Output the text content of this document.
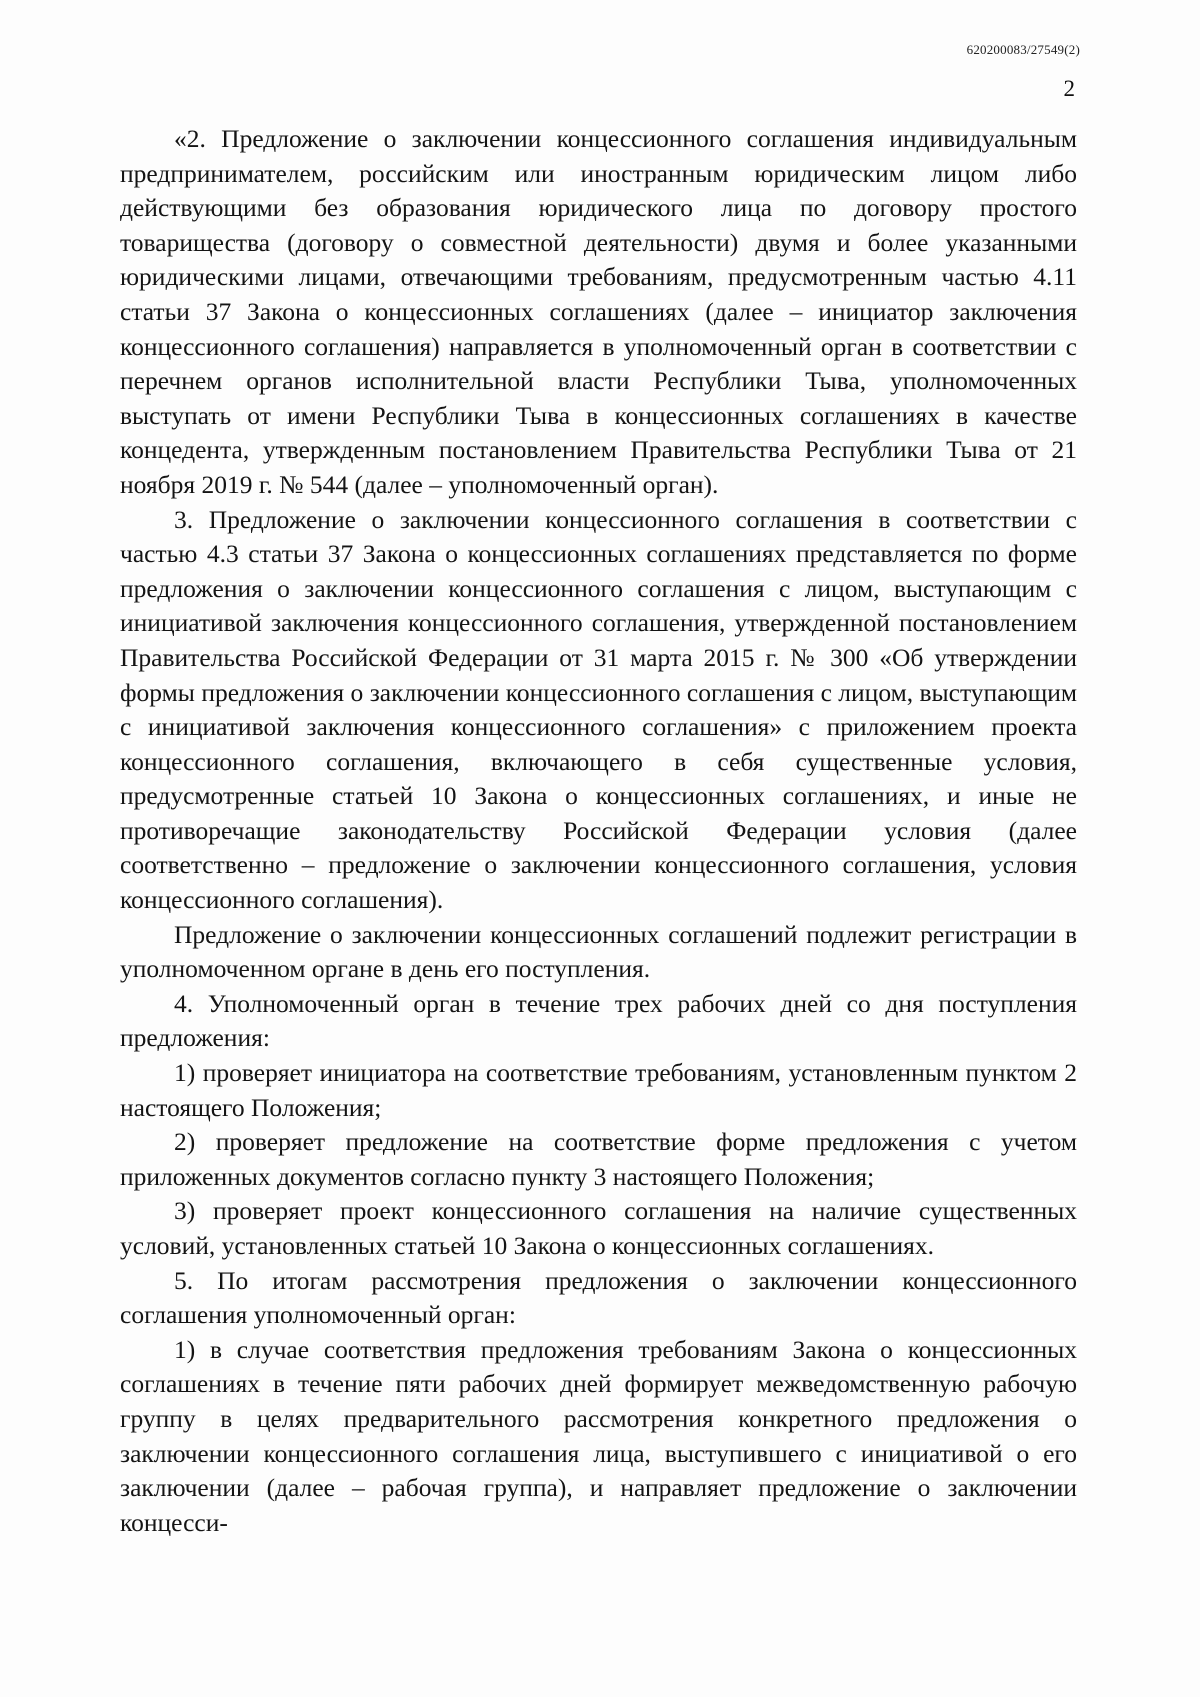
620200083/27549(2)
2

«2. Предложение о заключении концессионного соглашения индивидуальным предпринимателем, российским или иностранным юридическим лицом либо действующими без образования юридического лица по договору простого товарищества (договору о совместной деятельности) двумя и более указанными юридическими лицами, отвечающими требованиям, предусмотренным частью 4.11 статьи 37 Закона о концессионных соглашениях (далее – инициатор заключения концессионного соглашения) направляется в уполномоченный орган в соответствии с перечнем органов исполнительной власти Республики Тыва, уполномоченных выступать от имени Республики Тыва в концессионных соглашениях в качестве концедента, утвержденным постановлением Правительства Республики Тыва от 21 ноября 2019 г. № 544 (далее – уполномоченный орган).

3. Предложение о заключении концессионного соглашения в соответствии с частью 4.3 статьи 37 Закона о концессионных соглашениях представляется по форме предложения о заключении концессионного соглашения с лицом, выступающим с инициативой заключения концессионного соглашения, утвержденной постановлением Правительства Российской Федерации от 31 марта 2015 г. № 300 «Об утверждении формы предложения о заключении концессионного соглашения с лицом, выступающим с инициативой заключения концессионного соглашения» с приложением проекта концессионного соглашения, включающего в себя существенные условия, предусмотренные статьей 10 Закона о концессионных соглашениях, и иные не противоречащие законодательству Российской Федерации условия (далее соответственно – предложение о заключении концессионного соглашения, условия концессионного соглашения).

Предложение о заключении концессионных соглашений подлежит регистрации в уполномоченном органе в день его поступления.

4. Уполномоченный орган в течение трех рабочих дней со дня поступления предложения:

1) проверяет инициатора на соответствие требованиям, установленным пунктом 2 настоящего Положения;

2) проверяет предложение на соответствие форме предложения с учетом приложенных документов согласно пункту 3 настоящего Положения;

3) проверяет проект концессионного соглашения на наличие существенных условий, установленных статьей 10 Закона о концессионных соглашениях.

5. По итогам рассмотрения предложения о заключении концессионного соглашения уполномоченный орган:

1) в случае соответствия предложения требованиям Закона о концессионных соглашениях в течение пяти рабочих дней формирует межведомственную рабочую группу в целях предварительного рассмотрения конкретного предложения о заключении концессионного соглашения лица, выступившего с инициативой о его заключении (далее – рабочая группа), и направляет предложение о заключении концесси-
